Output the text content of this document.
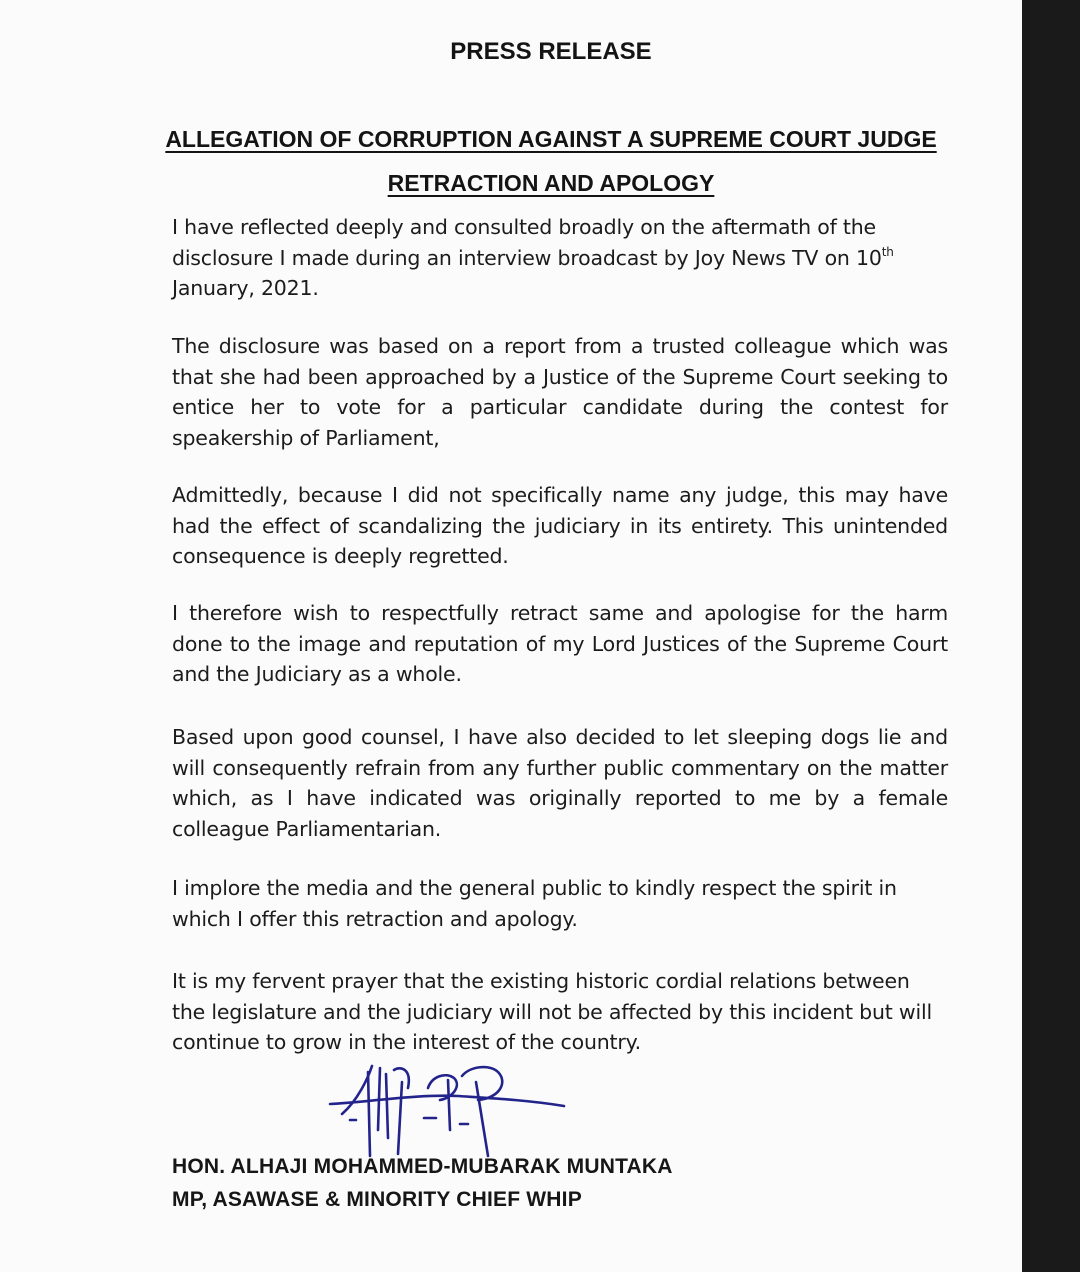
PRESS RELEASE
ALLEGATION OF CORRUPTION AGAINST A SUPREME COURT JUDGE
RETRACTION AND APOLOGY

I have reflected deeply and consulted broadly on the aftermath of the disclosure I made during an interview broadcast by Joy News TV on 10th January, 2021.

The disclosure was based on a report from a trusted colleague which was that she had been approached by a Justice of the Supreme Court seeking to entice her to vote for a particular candidate during the contest for speakership of Parliament,

Admittedly, because I did not specifically name any judge, this may have had the effect of scandalizing the judiciary in its entirety. This unintended consequence is deeply regretted.

I therefore wish to respectfully retract same and apologise for the harm done to the image and reputation of my Lord Justices of the Supreme Court and the Judiciary as a whole.

Based upon good counsel, I have also decided to let sleeping dogs lie and will consequently refrain from any further public commentary on the matter which, as I have indicated was originally reported to me by a female colleague Parliamentarian.

I implore the media and the general public to kindly respect the spirit in which I offer this retraction and apology.

It is my fervent prayer that the existing historic cordial relations between the legislature and the judiciary will not be affected by this incident but will continue to grow in the interest of the country.

HON. ALHAJI MOHAMMED-MUBARAK MUNTAKA

MP, ASAWASE & MINORITY CHIEF WHIP
